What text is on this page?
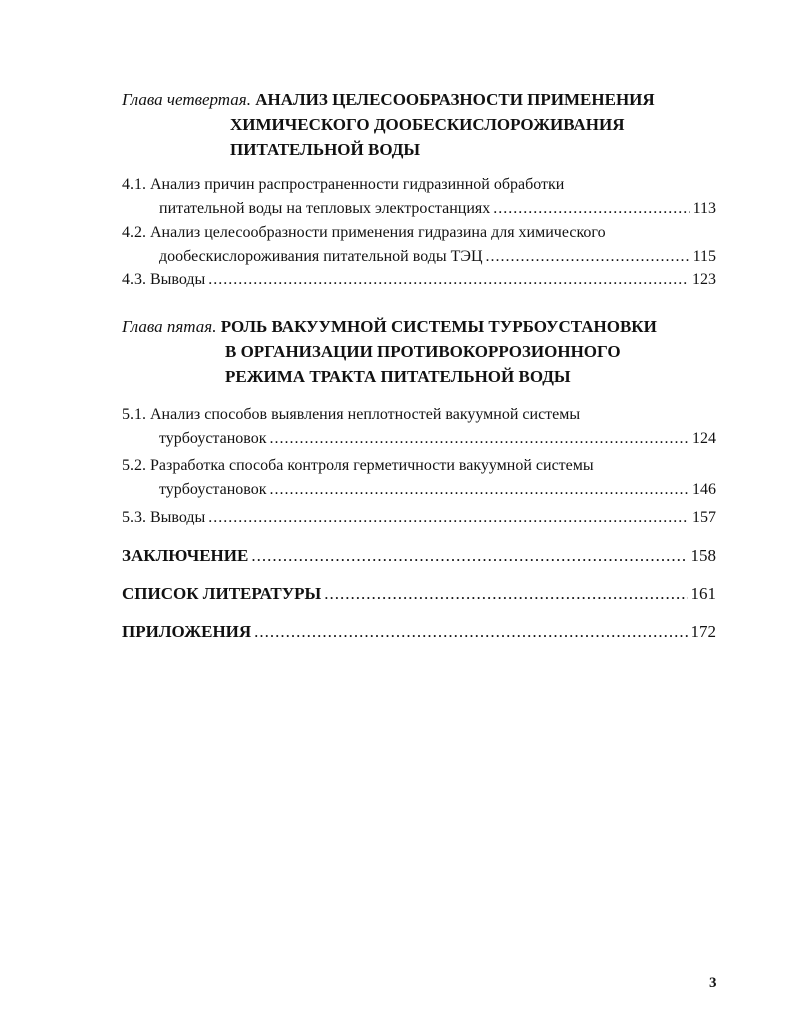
Глава четвертая. АНАЛИЗ ЦЕЛЕСООБРАЗНОСТИ ПРИМЕНЕНИЯ
ХИМИЧЕСКОГО ДООБЕСКИСЛОРОЖИВАНИЯ
ПИТАТЕЛЬНОЙ ВОДЫ
4.1. Анализ причин распространенности гидразинной обработки
питательной воды на тепловых электростанциях .....	113
4.2. Анализ целесообразности применения гидразина для химического
дообескислороживания питательной воды ТЭЦ .....	115
4.3. Выводы .....	123
Глава пятая. РОЛЬ ВАКУУМНОЙ СИСТЕМЫ ТУРБОУСТАНОВКИ
В ОРГАНИЗАЦИИ ПРОТИВОКОРРОЗИОННОГО
РЕЖИМА ТРАКТА ПИТАТЕЛЬНОЙ ВОДЫ
5.1. Анализ способов выявления неплотностей вакуумной системы
турбоустановок .....	124
5.2. Разработка способа контроля герметичности вакуумной системы
турбоустановок .....	146
5.3. Выводы .....	157
ЗАКЛЮЧЕНИЕ .....	158
СПИСОК ЛИТЕРАТУРЫ .....	161
ПРИЛОЖЕНИЯ .....	172
3
